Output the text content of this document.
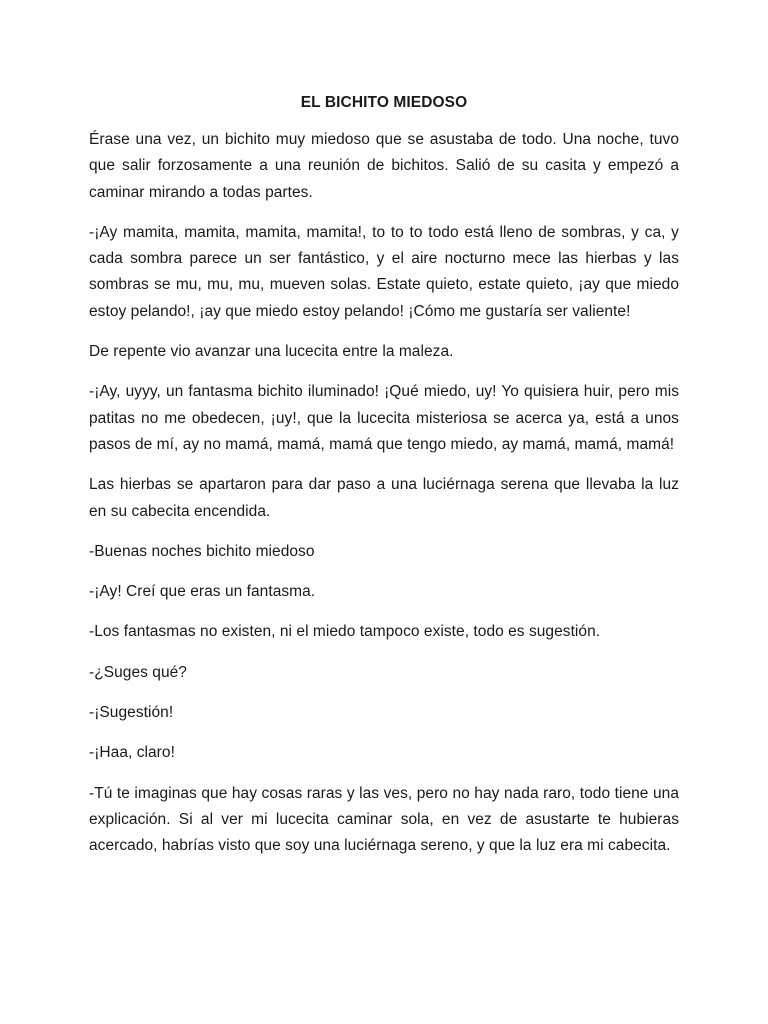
EL BICHITO MIEDOSO

Érase una vez, un bichito muy miedoso que se asustaba de todo. Una noche, tuvo que salir forzosamente a una reunión de bichitos. Salió de su casita y empezó a caminar mirando a todas partes.

-¡Ay mamita, mamita, mamita, mamita!, to to to todo está lleno de sombras, y ca, y cada sombra parece un ser fantástico, y el aire nocturno mece las hierbas y las sombras se mu, mu, mu, mueven solas. Estate quieto, estate quieto, ¡ay que miedo estoy pelando!, ¡ay que miedo estoy pelando! ¡Cómo me gustaría ser valiente!

De repente vio avanzar una lucecita entre la maleza.

-¡Ay, uyyy, un fantasma bichito iluminado! ¡Qué miedo, uy! Yo quisiera huir, pero mis patitas no me obedecen, ¡uy!, que la lucecita misteriosa se acerca ya, está a unos pasos de mí, ay no mamá, mamá, mamá que tengo miedo, ay mamá, mamá, mamá!

Las hierbas se apartaron para dar paso a una luciérnaga serena que llevaba la luz en su cabecita encendida.

-Buenas noches bichito miedoso

-¡Ay! Creí que eras un fantasma.

-Los fantasmas no existen, ni el miedo tampoco existe, todo es sugestión.

-¿Suges qué?

-¡Sugestión!

-¡Haa, claro!

-Tú te imaginas que hay cosas raras y las ves, pero no hay nada raro, todo tiene una explicación. Si al ver mi lucecita caminar sola, en vez de asustarte te hubieras acercado, habrías visto que soy una luciérnaga sereno, y que la luz era mi cabecita.
